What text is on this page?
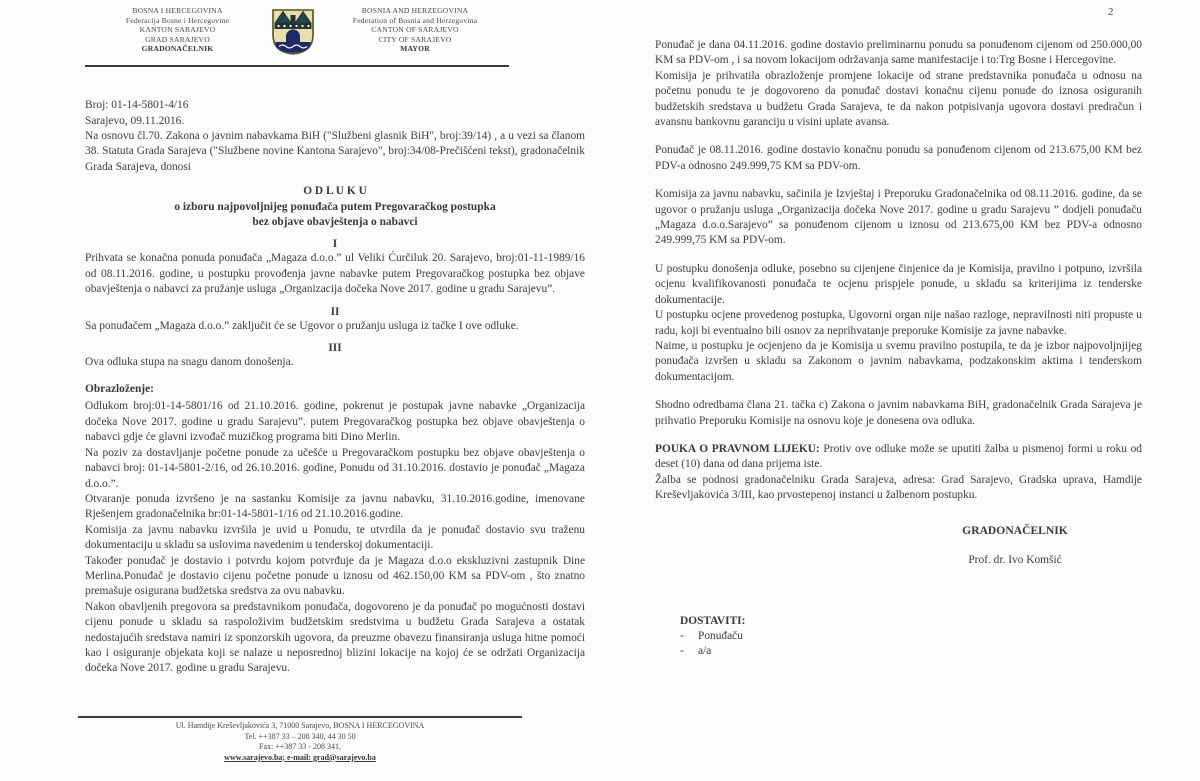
BOSNA I HERCEGOVINA
Federacija Bosne i Hercegovine
KANTON SARAJEVO
GRAD SARAJEVO
GRADONAČELNIK
BOSNIA AND HERZEGOVINA
Federation of Bosnia and Herzegovina
CANTON OF SARAJEVO
CITY OF SARAJEVO
MAYOR
Broj: 01-14-5801-4/16
Sarajevo, 09.11.2016.

Na osnovu čl.70. Zakona o javnim nabavkama BiH ("Službeni glasnik BiH", broj:39/14) , a u vezi sa članom 38. Statuta Grada Sarajeva ("Službene novine Kantona Sarajevo", broj:34/08-Prečišćeni tekst), gradonačelnik Grada Sarajeva, donosi

O D L U K U
o izboru najpovoljnijeg ponuđača putem Pregovaračkog postupka
bez objave obavještenja o nabavci
I

Prihvata se konačna ponuda ponuđača „Magaza d.o.o.” ul Veliki Ćurčiluk 20. Sarajevo, broj:01-11-1989/16 od 08.11.2016. godine, u postupku provođenja javne nabavke putem Pregovaračkog postupka bez objave obavještenja o nabavci za pružanje usluga „Organizacija dočeka Nove 2017. godine u gradu Sarajevu”.

II

Sa ponuđačem „Magaza d.o.o.” zaključit će se Ugovor o pružanju usluga iz tačke I ove odluke.

III

Ova odluka stupa na snagu danom donošenja.

Obrazloženje:

Odlukom broj:01-14-5801/16 od 21.10.2016. godine, pokrenut je postupak javne nabavke „Organizacija dočeka Nove 2017. godine u gradu Sarajevu”. putem Pregovaračkog postupka bez objave obavještenja o nabavci gdje će glavni izvođač muzičkog programa biti Dino Merlin.

Na poziv za dostavljanje početne ponude za učešće u Pregovaračkom postupku bez objave obavještenja o nabavci broj: 01-14-5801-2/16, od 26.10.2016. godine, Ponudu od 31.10.2016. dostavio je ponuđač „Magaza d.o.o.”.

Otvaranje ponuda izvršeno je na sastanku Komisije za javnu nabavku, 31.10.2016.godine, imenovane Rješenjem gradonačelnika br:01-14-5801-1/16 od 21.10.2016.godine.

Komisija za javnu nabavku izvršila je uvid u Ponudu, te utvrdila da je ponuđač dostavio svu traženu dokumentaciju u skladu sa uslovima navedenim u tenderskoj dokumentaciji.

Također ponuđač je dostavio i potvrdu kojom potvrđuje da je Magaza d.o.o ekskluzivni zastupnik Dine Merlina.Ponuđač je dostavio cijenu početne ponude u iznosu od 462.150,00 KM sa PDV-om , što znatno premašuje osigurana budžetska sredstva za ovu nabavku.

Nakon obavljenih pregovora sa predstavnikom ponuđača, dogovoreno je da ponuđač po mogućnosti dostavi cijenu ponude u skladu sa raspoloživim budžetskim sredstvima u budžetu Grada Sarajeva a ostatak nedostajućih sredstava namiri iz sponzorskih ugovora, da preuzme obavezu finansiranja usluga hitne pomoći kao i osiguranje objekata koji se nalaze u neposrednoj blizini lokacije na kojoj će se održati Organizacija dočeka Nove 2017. godine u gradu Sarajevu.

Ul. Hamdije Kreševljakovića 3, 71000 Sarajevo, BOSNA I HERCEGOVINA
Tel. ++387 33 – 208 340, 44 30 50
Fax: ++387 33 - 208 341,
www.sarajevo.ba; e-mail: grad@sarajevo.ba
2

Ponuđač je dana 04.11.2016. godine dostavio preliminarnu ponudu sa ponuđenom cijenom od 250.000,00 KM sa PDV-om , i sa novom lokacijom održavanja same manifestacije i to:Trg Bosne i Hercegovine.

Komisija je prihvatila obrazloženje promjene lokacije od strane predstavnika ponuđača u odnosu na početnu ponudu te je dogovoreno da ponuđač dostavi konačnu cijenu ponude do iznosa osiguranih budžetskih sredstava u budžetu Grada Sarajeva, te da nakon potpisivanja ugovora dostavi predračun i avansnu bankovnu garanciju u visini uplate avansa.

Ponuđač je 08.11.2016. godine dostavio konačnu ponudu sa ponuđenom cijenom od 213.675,00 KM bez PDV-a odnosno 249.999,75 KM sa PDV-om.

Komisija za javnu nabavku, sačinila je Izvještaj i Preporuku Gradonačelnika od 08.11.2016. godine, da se ugovor o pružanju usluga „Organizacija dočeka Nove 2017. godine u gradu Sarajevu ” dodjeli ponuđaču „Magaza d.o.o.Sarajevo” sa ponuđenom cijenom u iznosu od 213.675,00 KM bez PDV-a odnosno 249.999,75 KM sa PDV-om.

U postupku donošenja odluke, posebno su cijenjene činjenice da je Komisija, pravilno i potpuno, izvršila ocjenu kvalifikovanosti ponuđača te ocjenu prispjele ponude, u skladu sa kriterijima iz tenderske dokumentacije.

U postupku ocjene provedenog postupka, Ugovorni organ nije našao razloge, nepravilnosti niti propuste u radu, koji bi eventualno bili osnov za neprihvatanje preporuke Komisije za javne nabavke.

Naime, u postupku je ocjenjeno da je Komisija u svemu pravilno postupila, te da je izbor najpovoljnjijeg ponuđača izvršen u skladu sa Zakonom o javnim nabavkama, podzakonskim aktima i tenderskom dokumentacijom.

Shodno odredbama člana 21. tačka c) Zakona o javnim nabavkama BiH, gradonačelnik Grada Sarajeva je prihvatio Preporuku Komisije na osnovu koje je donesena ova odluka.

POUKA O PRAVNOM LIJEKU: Protiv ove odluke može se uputiti žalba u pismenoj formi u roku od deset (10) dana od dana prijema iste.

Žalba se podnosi gradonačelniku Grada Sarajeva, adresa: Grad Sarajevo, Gradska uprava, Hamdije Kreševljakovića 3/III, kao prvostepenoj instanci u žalbenom postupku.

GRADONAČELNIK
Prof. dr. Ivo Komšić
DOSTAVITI:
-	Ponuđaču
-	a/a
